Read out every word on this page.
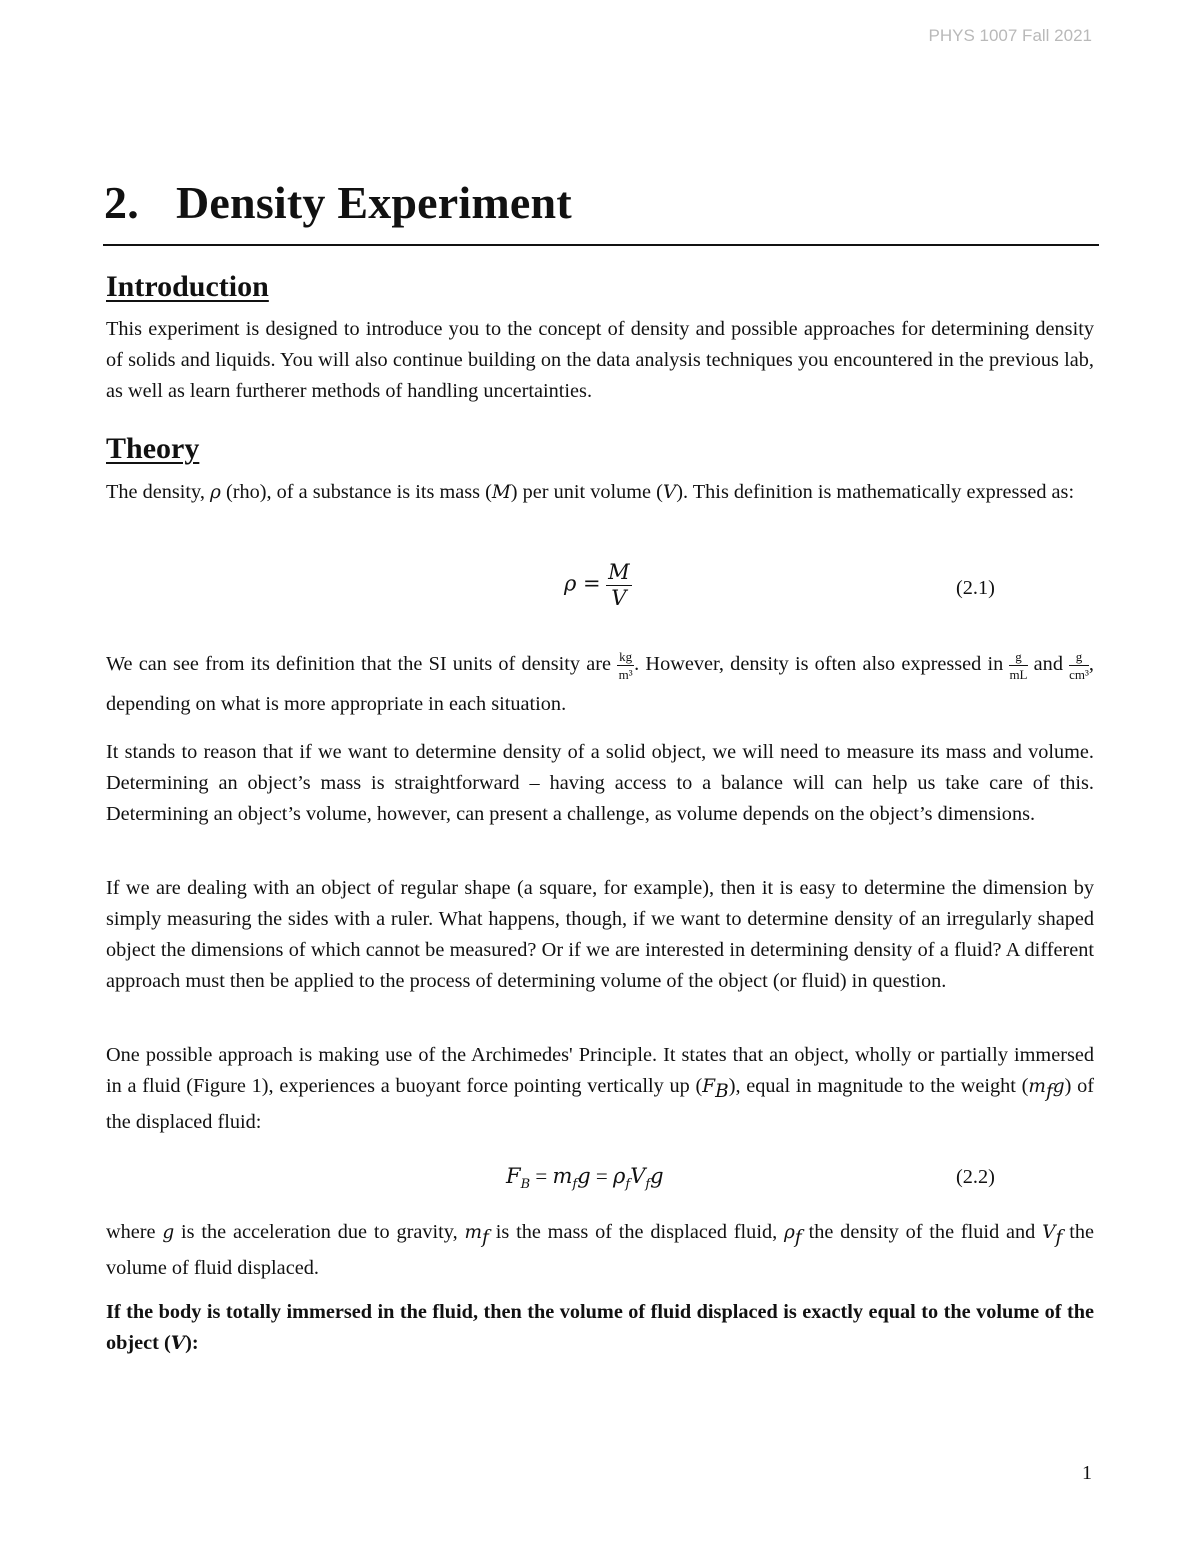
PHYS 1007 Fall 2021
2. Density Experiment
Introduction

This experiment is designed to introduce you to the concept of density and possible approaches for determining density of solids and liquids. You will also continue building on the data analysis techniques you encountered in the previous lab, as well as learn furtherer methods of handling uncertainties.

Theory

The density, ρ (rho), of a substance is its mass (M) per unit volume (V). This definition is mathematically expressed as:

$\rho = \frac{M}{V}$	(2.1)

We can see from its definition that the SI units of density are $\frac{kg}{\text{m³}}$ . However, density is often also expressed in $\frac{g}{mL}$ and $\frac{g}{\text{cm³}}$ , depending on what is more appropriate in each situation.

It stands to reason that if we want to determine density of a solid object, we will need to measure its mass and volume. Determining an object’s mass is straightforward – having access to a balance will can help us take care of this. Determining an object’s volume, however, can present a challenge, as volume depends on the object’s dimensions.

If we are dealing with an object of regular shape (a square, for example), then it is easy to determine the dimension by simply measuring the sides with a ruler. What happens, though, if we want to determine density of an irregularly shaped object the dimensions of which cannot be measured? Or if we are interested in determining density of a fluid? A different approach must then be applied to the process of determining volume of the object (or fluid) in question.

One possible approach is making use of the Archimedes' Principle. It states that an object, wholly or partially immersed in a fluid (Figure 1), experiences a buoyant force pointing vertically up $(F_B)$, equal in magnitude to the weight $(m_fg)$ of the displaced fluid:

$F_B = m_fg = \rho_fV_fg$	(2.2)

where g is the acceleration due to gravity, $m_f$ is the mass of the displaced fluid, $\rho_f$ the density of the fluid and $V_f$ the volume of fluid displaced.

If the body is totally immersed in the fluid, then the volume of fluid displaced is exactly equal to the volume of the object (V):

1
